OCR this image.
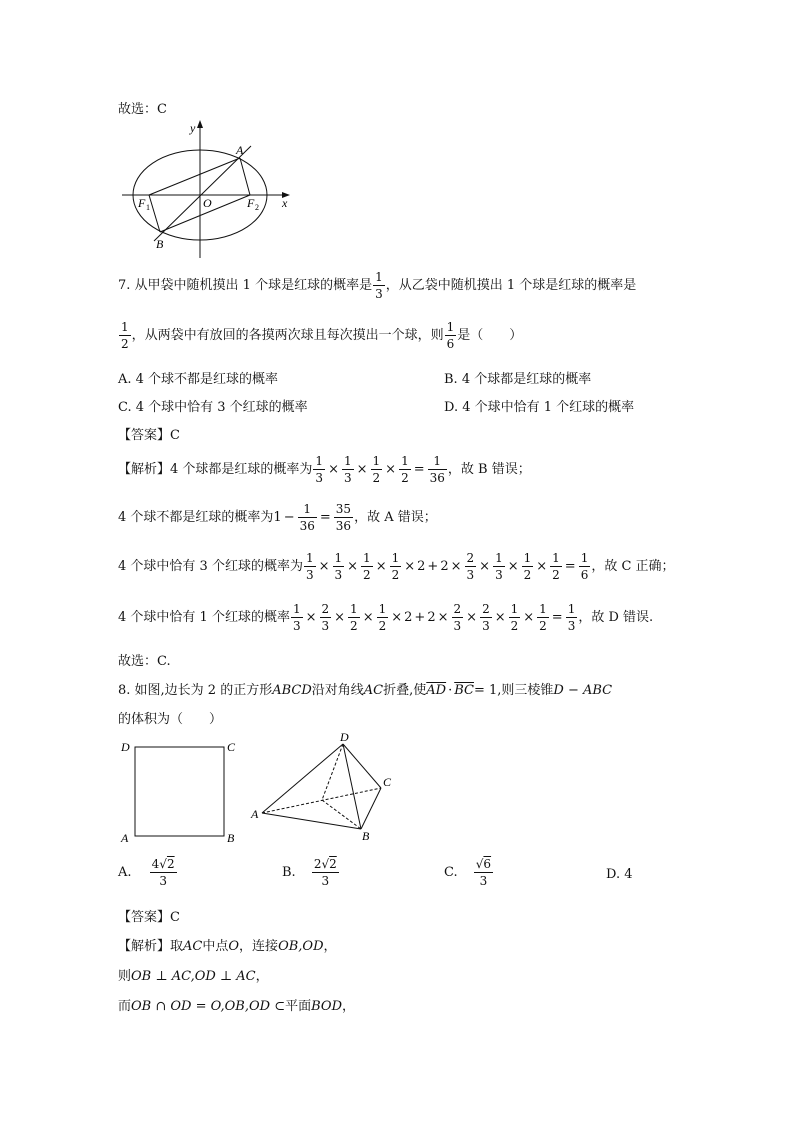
故选：C
y
x
A
O
F 1	F 2
B
7. 从甲袋中随机摸出 1 个球是红球的概率是 $\frac{1}{3}$ ，从乙袋中随机摸出 1 个球是红球的概率是
$\frac{1}{2}$ ，从两袋中有放回的各摸两次球且每次摸出一个球，则 $\frac{1}{6}$ 是（　　）
A. 4 个球不都是红球的概率	B. 4 个球都是红球的概率
C. 4 个球中恰有 3 个红球的概率	D. 4 个球中恰有 1 个红球的概率
【答案】C
【解析】4 个球都是红球的概率为 $\frac{1}{3} \times \frac{1}{3} \times \frac{1}{2} \times \frac{1}{2} = \frac{1}{36}$ ，故 B 错误；
4 个球不都是红球的概率为$1 - \frac{1}{36} = \frac{35}{36}$ ，故 A 错误；
4 个球中恰有 3 个红球的概率为 $\frac{1}{3} \times \frac{1}{3} \times \frac{1}{2} \times \frac{1}{2} \times 2 + 2 \times \frac{2}{3} \times \frac{1}{3} \times \frac{1}{2} \times \frac{1}{2} = \frac{1}{6}$ ，故 C 正确；
4 个球中恰有 1 个红球的概率 $\frac{1}{3} \times \frac{2}{3} \times \frac{1}{2} \times \frac{1}{2} \times 2 + 2 \times \frac{2}{3} \times \frac{2}{3} \times \frac{1}{2} \times \frac{1}{2} = \frac{1}{3}$ ，故 D 错误.
故选：C.
8. 如图,边长为 2 的正方形ABCD沿对角线AC折叠,使$\overline{AD} \cdot \overline{BC}= 1$,则三棱锥D − ABC
的体积为（　　）
D	C
A	B
D
C
A
B
A. $\frac{4√2}{3}$	B. $\frac{2√2}{3}$	C. $\frac{√6}{3}$	D. 4
【答案】C
【解析】取AC中点O，连接OB,OD，
则OB ⊥ AC,OD ⊥ AC，
而OB ∩ OD = O,OB,OD ⊂平面BOD，
